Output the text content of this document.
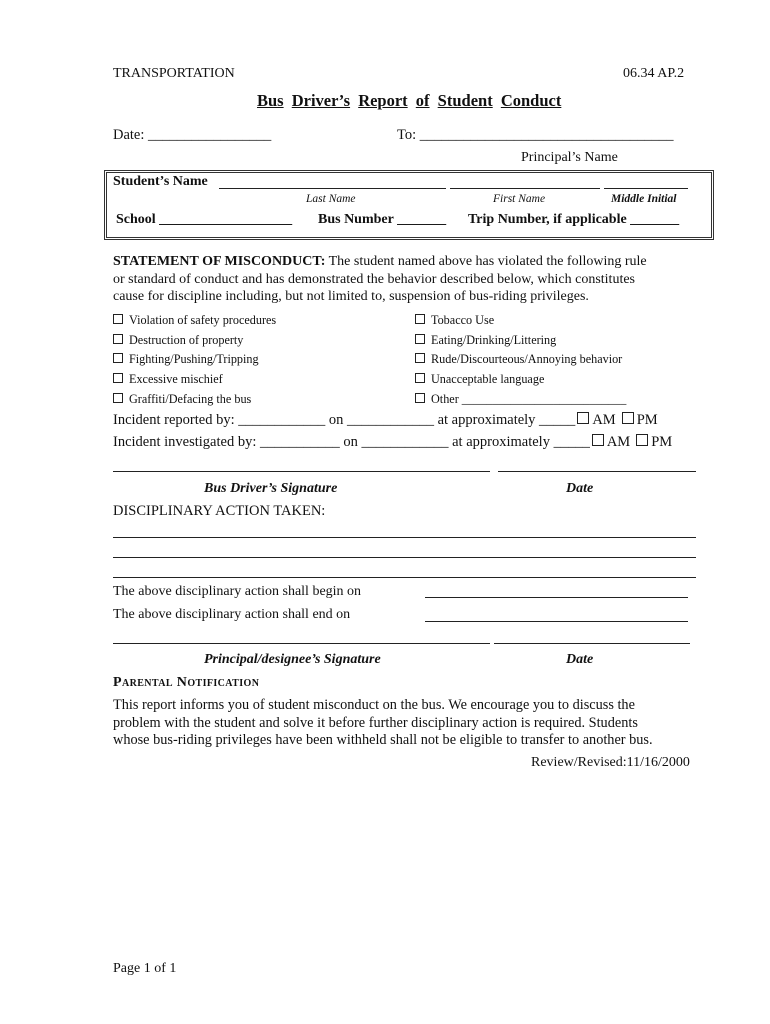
TRANSPORTATION	06.34 AP.2
Bus Driver’s Report of Student Conduct
Date: _________________	To: ___________________________________
Principal’s Name
Student’s Name
Last Name	First Name	Middle Initial
School ___________________ Bus Number _______ Trip Number, if applicable _______
STATEMENT OF MISCONDUCT: The student named above has violated the following rule
or standard of conduct and has demonstrated the behavior described below, which constitutes
cause for discipline including, but not limited to, suspension of bus-riding privileges.
Violation of safety procedures
Destruction of property
Fighting/Pushing/Tripping
Excessive mischief
Graffiti/Defacing the bus
Tobacco Use
Eating/Drinking/Littering
Rude/Discourteous/Annoying behavior
Unacceptable language
Other ___________________________
Incident reported by: ____________ on ____________ at approximately _____ AM PM
Incident investigated by: ___________ on ____________ at approximately _____ AM PM
Bus Driver’s Signature	Date
DISCIPLINARY ACTION TAKEN:
The above disciplinary action shall begin on
The above disciplinary action shall end on
Principal/designee’s Signature	Date
Parental Notification
This report informs you of student misconduct on the bus. We encourage you to discuss the
problem with the student and solve it before further disciplinary action is required. Students
whose bus-riding privileges have been withheld shall not be eligible to transfer to another bus.
Review/Revised:11/16/2000
Page 1 of 1
